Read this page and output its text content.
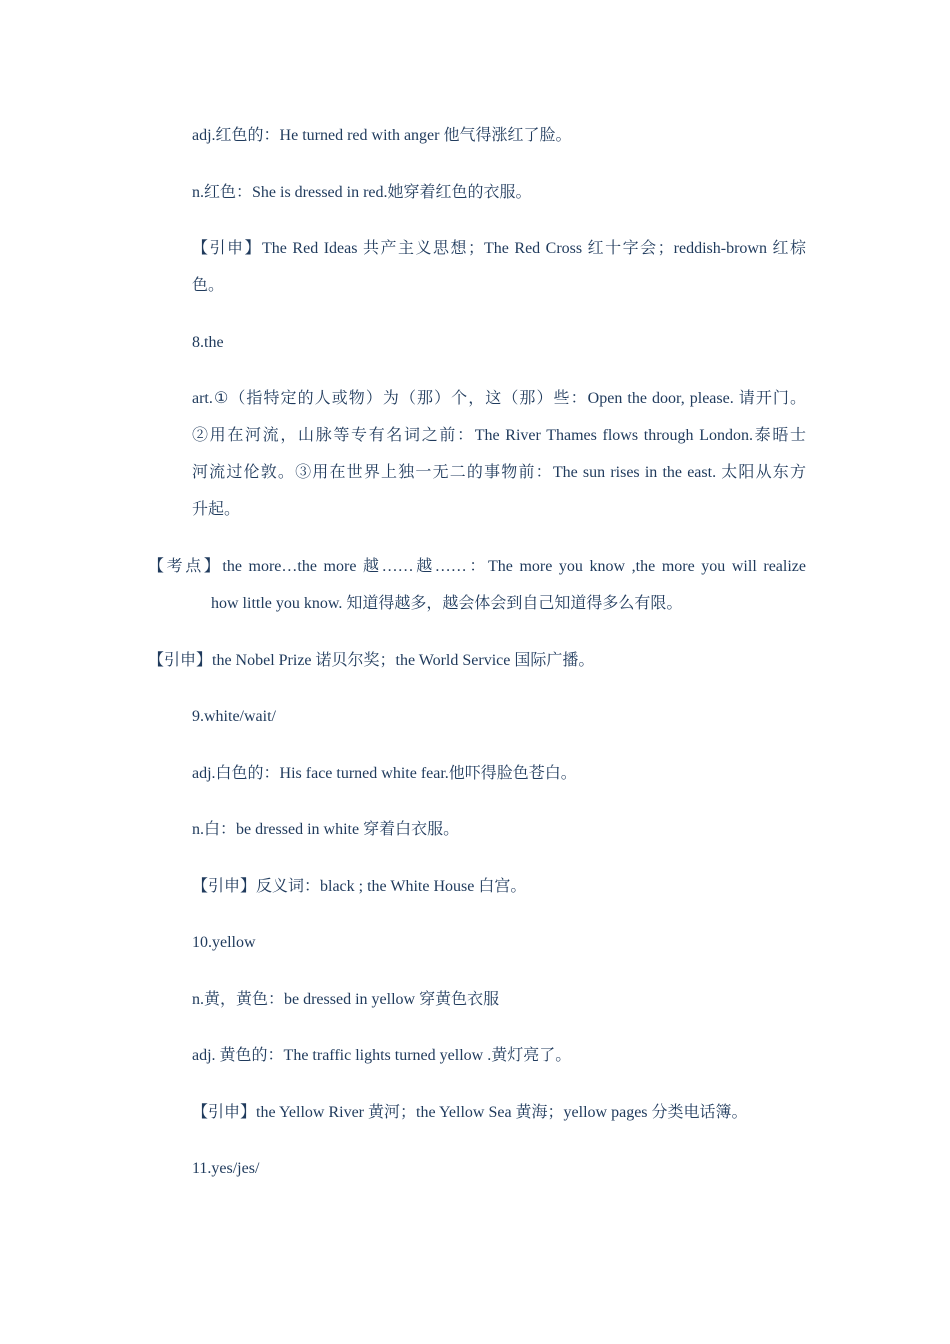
adj.红色的：He turned red with anger 他气得涨红了脸。

n.红色：She is dressed in red.她穿着红色的衣服。

【引申】The Red Ideas 共产主义思想；The Red Cross 红十字会；reddish-brown 红棕
色。

8.the

art.①（指特定的人或物）为（那）个，这（那）些：Open the door, please. 请开门。
②用在河流，山脉等专有名词之前：The River Thames flows through London.泰晤士
河流过伦敦。③用在世界上独一无二的事物前：The sun rises in the east. 太阳从东方
升起。
【考点】the more…the more 越……越……：The more you know ,the more you will realize
how little you know. 知道得越多，越会体会到自己知道得多么有限。

【引申】the Nobel Prize 诺贝尔奖；the World Service 国际广播。

9.white/wait/

adj.白色的：His face turned white fear.他吓得脸色苍白。

n.白：be dressed in white 穿着白衣服。

【引申】反义词：black ; the White House 白宫。

10.yellow

n.黄，黄色：be dressed in yellow 穿黄色衣服

adj. 黄色的：The traffic lights turned yellow .黄灯亮了。

【引申】the Yellow River 黄河；the Yellow Sea 黄海；yellow pages 分类电话簿。

11.yes/jes/
